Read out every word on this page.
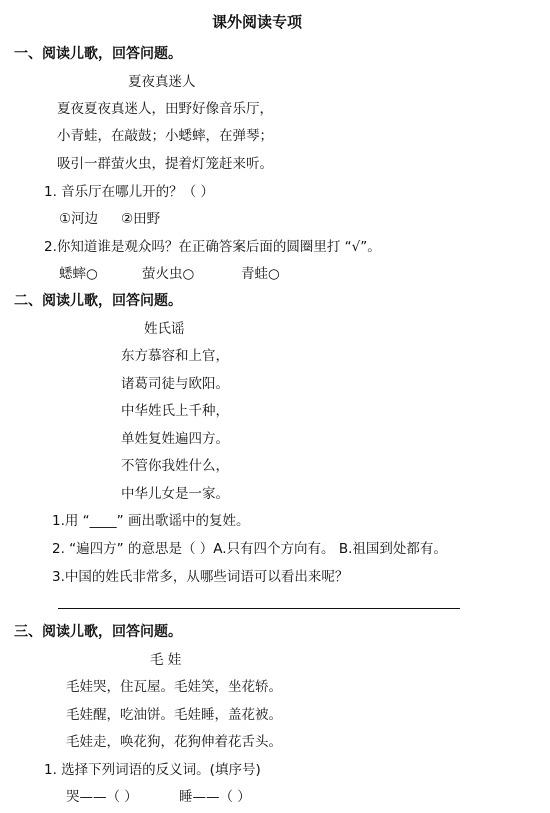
课外阅读专项
一、阅读儿歌，回答问题。
夏夜真迷人
夏夜夏夜真迷人，田野好像音乐厅，
小青蛙，在敲鼓；小蟋蟀，在弹琴；
吸引一群萤火虫，提着灯笼赶来听。
1. 音乐厅在哪儿开的？（ ）
①河边 ②田野
2.你知道谁是观众吗？在正确答案后面的圆圈里打 “√”。
蟋蟀○	萤火虫○	青蛙○
二、阅读儿歌，回答问题。
姓氏谣
东方慕容和上官，
诸葛司徒与欧阳。
中华姓氏上千种，
单姓复姓遍四方。
不管你我姓什么，
中华儿女是一家。
1.用 “____” 画出歌谣中的复姓。
2. “遍四方” 的意思是（ ）A.只有四个方向有。 B.祖国到处都有。
3.中国的姓氏非常多，从哪些词语可以看出来呢？
三、阅读儿歌，回答问题。
毛 娃
毛娃哭，住瓦屋。毛娃笑，坐花轿。
毛娃醒，吃油饼。毛娃睡，盖花被。
毛娃走，唤花狗，花狗伸着花舌头。
1. 选择下列词语的反义词。(填序号)
哭——（ ）	睡——（ ）
